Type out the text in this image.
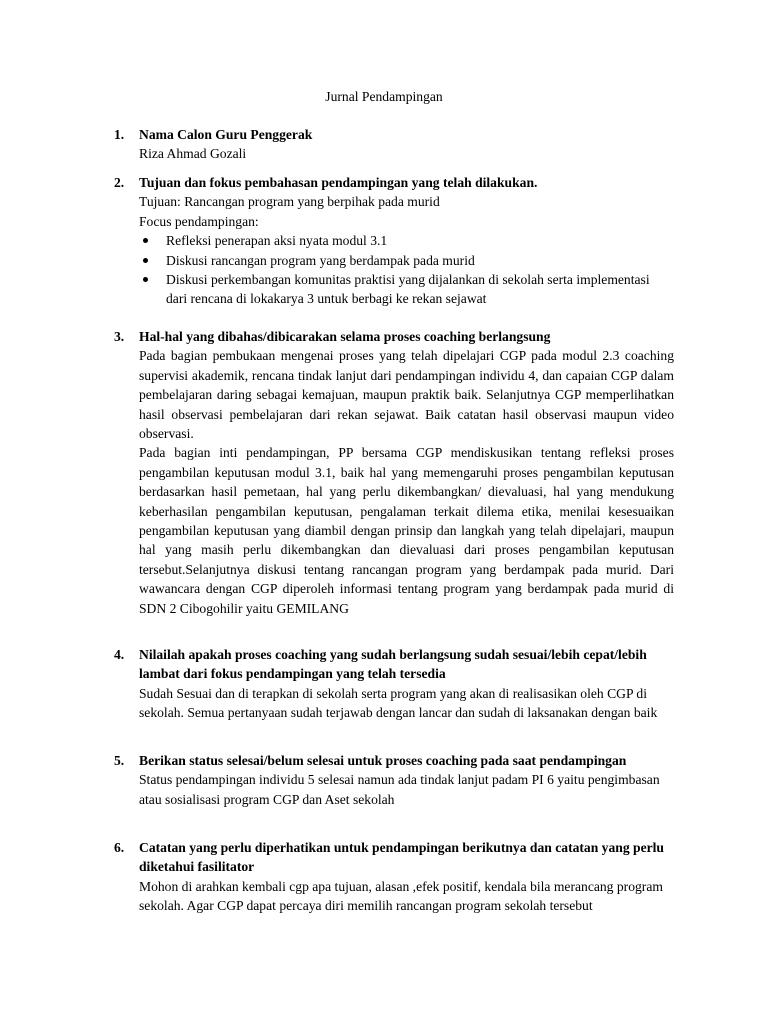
Jurnal Pendampingan
1. Nama Calon Guru Penggerak
Riza Ahmad Gozali
2. Tujuan dan fokus pembahasan pendampingan yang telah dilakukan.
Tujuan: Rancangan program yang berpihak pada murid
Focus pendampingan:
Refleksi penerapan aksi nyata modul 3.1
Diskusi rancangan program yang berdampak pada murid
Diskusi perkembangan komunitas praktisi yang dijalankan di sekolah serta implementasi dari rencana di lokakarya 3 untuk berbagi ke rekan sejawat
3. Hal-hal yang dibahas/dibicarakan selama proses coaching berlangsung
Pada bagian pembukaan mengenai proses yang telah dipelajari CGP pada modul 2.3 coaching supervisi akademik, rencana tindak lanjut dari pendampingan individu 4, dan capaian CGP dalam pembelajaran daring sebagai kemajuan, maupun praktik baik. Selanjutnya CGP memperlihatkan hasil observasi pembelajaran dari rekan sejawat. Baik catatan hasil observasi maupun video observasi.
Pada bagian inti pendampingan, PP bersama CGP mendiskusikan tentang refleksi proses pengambilan keputusan modul 3.1, baik hal yang memengaruhi proses pengambilan keputusan berdasarkan hasil pemetaan, hal yang perlu dikembangkan/ dievaluasi, hal yang mendukung keberhasilan pengambilan keputusan, pengalaman terkait dilema etika, menilai kesesuaikan pengambilan keputusan yang diambil dengan prinsip dan langkah yang telah dipelajari, maupun hal yang masih perlu dikembangkan dan dievaluasi dari proses pengambilan keputusan tersebut.Selanjutnya diskusi tentang rancangan program yang berdampak pada murid. Dari wawancara dengan CGP diperoleh informasi tentang program yang berdampak pada murid di SDN 2 Cibogohilir yaitu GEMILANG
4. Nilailah apakah proses coaching yang sudah berlangsung sudah sesuai/lebih cepat/lebih lambat dari fokus pendampingan yang telah tersedia
Sudah Sesuai dan di terapkan di sekolah serta program yang akan di realisasikan oleh CGP di sekolah. Semua pertanyaan sudah terjawab dengan lancar dan sudah di laksanakan dengan baik
5. Berikan status selesai/belum selesai untuk proses coaching pada saat pendampingan
Status pendampingan individu 5 selesai namun ada tindak lanjut padam PI 6 yaitu pengimbasan atau sosialisasi program CGP dan Aset sekolah
6. Catatan yang perlu diperhatikan untuk pendampingan berikutnya dan catatan yang perlu diketahui fasilitator
Mohon di arahkan kembali cgp apa tujuan, alasan ,efek positif, kendala bila merancang program sekolah. Agar CGP dapat percaya diri memilih rancangan program sekolah tersebut
